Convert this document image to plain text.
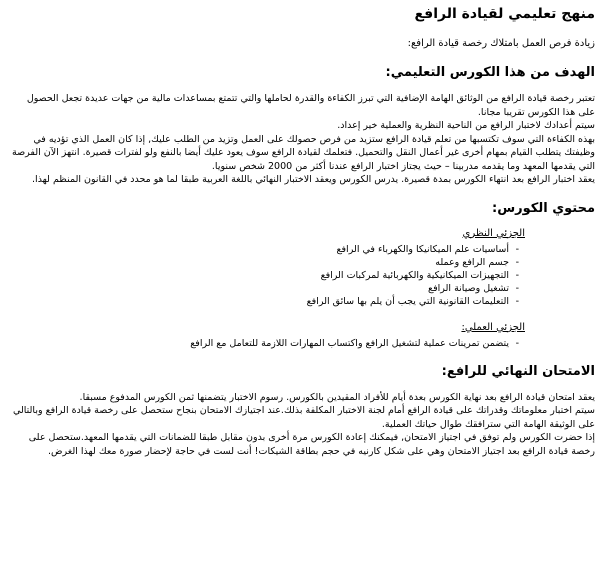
منهج تعليمي لقيادة الرافع

زيادة فرص العمل بامتلاك رخصة قيادة الرافع:

الهدف من هذا الكورس التعليمي:

تعتبر رخصة قيادة الرافع من الوثائق الهامة الإضافية التي تبرز الكفاءة والقدرة لحاملها والتي تتمتع بمساعدات مالية من جهات عديدة تجعل الحصول على هذا الكورس تقريبا مجانا.

سيتم أعدادك لاختبار الرافع من الناحية النظرية والعملية خير إعداد.

بهذه الكفاءة التي سوف تكتسبها من تعلم قيادة الرافع ستزيد من فرص حصولك على العمل وتزيد من الطلب عليك, إذا كان العمل الذي تؤديه في وظيفتك يتطلب القيام بمهام أخرى غير أعمال النقل والتحميل. فتعلمك لقيادة الرافع سوف يعود عليك أيضا بالنفع ولو لفترات قصيرة. انتهز الآن الفرصة التي يقدمها المعهد وما يقدمه مدربينا – حيث يجتاز اختبار الرافع عندنا أكثر من 2000 شخص سنويا.

يعقد اختبار الرافع بعد انتهاء الكورس بمدة قصيرة. يدرس الكورس ويعقد الاختبار النهائي باللغة العربية طبقا لما هو محدد في القانون المنظم لهذا.

محتوي الكورس:
الجزئي النظري
- أساسيات علم الميكانيكا والكهرباء في الرافع
- جسم الرافع وعمله
- التجهيزات الميكانيكية والكهربائية لمركبات الرافع
- تشغيل وصيانة الرافع
- التعليمات القانونية التي يجب أن يلم بها سائق الرافع
الجزئي العملي:
- يتضمن تمرينات عملية لتشغيل الرافع واكتساب المهارات اللازمة للتعامل مع الرافع
الامتحان النهائي للرافع:

يعقد امتحان قيادة الرافع بعد نهاية الكورس بعدة أيام للأفراد المقيدين بالكورس. رسوم الاختبار يتضمنها ثمن الكورس المدفوع مسبقا.

سيتم اختبار معلوماتك وقدراتك على قيادة الرافع أمام لجنة الاختبار المكلفة بذلك.عند اجتيازك الامتحان بنجاح ستحصل على رخصة قيادة الرافع وبالتالي على الوثيقة الهامة التي سترافقك طوال حياتك العملية.

إذا حضرت الكورس ولم توفق في اجتياز الامتحان, فيمكنك إعادة الكورس مرة أخرى بدون مقابل طبقا للضمانات التي يقدمها المعهد.ستحصل على رخصة قيادة الرافع بعد اجتياز الامتحان وهي على شكل كارنيه في حجم بطاقة الشيكات! أنت لست في حاجة لإحضار صورة معك لهذا الغرض.
